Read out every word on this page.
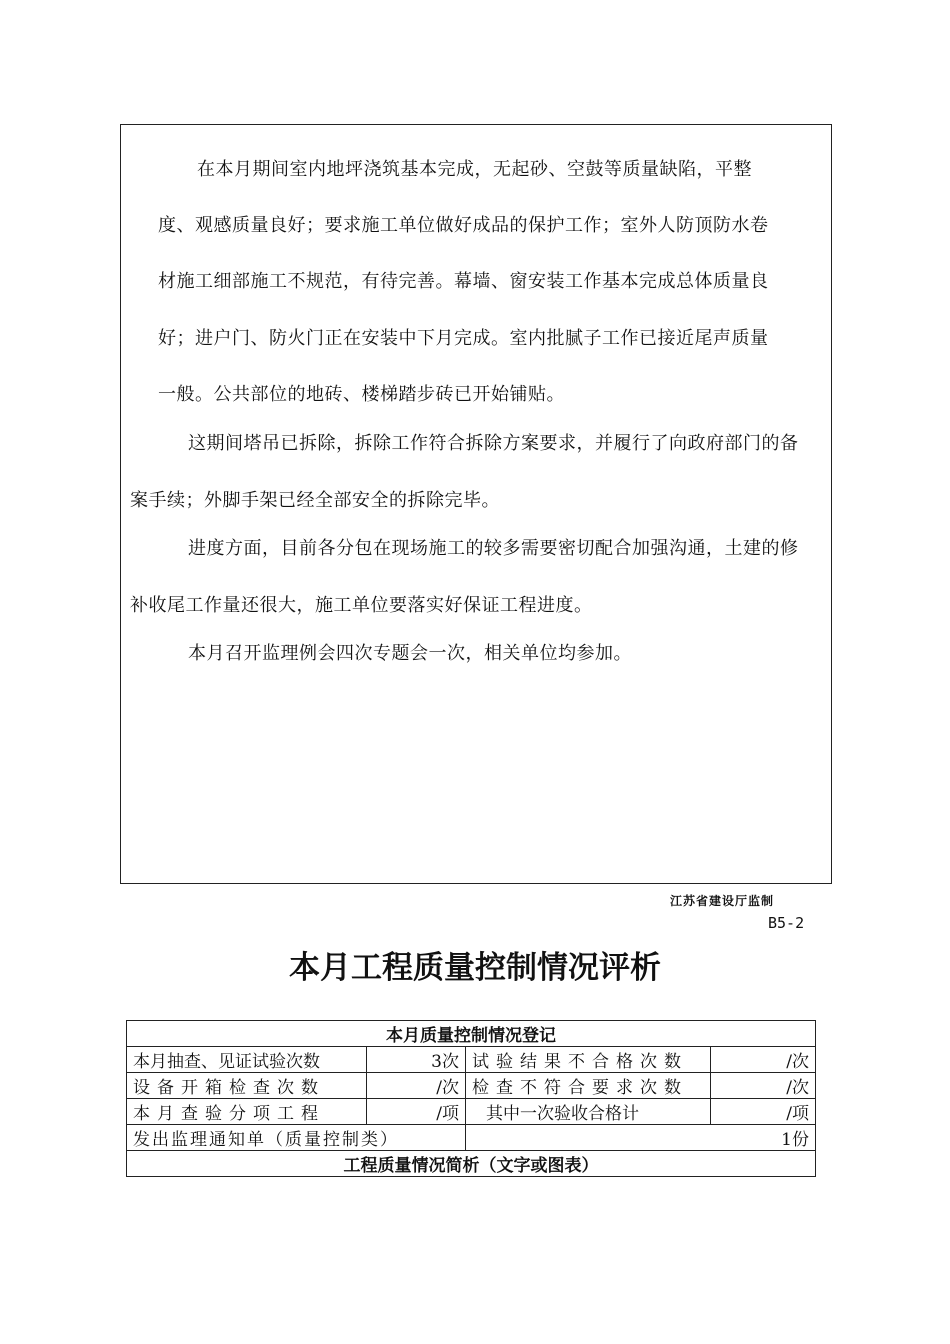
在本月期间室内地坪浇筑基本完成，无起砂、空鼓等质量缺陷，平整

度、观感质量良好；要求施工单位做好成品的保护工作；室外人防顶防水卷

材施工细部施工不规范，有待完善。幕墙、窗安装工作基本完成总体质量良

好；进户门、防火门正在安装中下月完成。室内批腻子工作已接近尾声质量

一般。公共部位的地砖、楼梯踏步砖已开始铺贴。

这期间塔吊已拆除，拆除工作符合拆除方案要求，并履行了向政府部门的备

案手续；外脚手架已经全部安全的拆除完毕。

进度方面，目前各分包在现场施工的较多需要密切配合加强沟通，土建的修

补收尾工作量还很大，施工单位要落实好保证工程进度。

本月召开监理例会四次专题会一次，相关单位均参加。

江苏省建设厅监制
B5-2
本月工程质量控制情况评析
本月质量控制情况登记			
本月抽查、见证试验次数	3次	试验结果不合格次数	/次
设备开箱检查次数	/次	检查不符合要求次数	/次
本月查验分项工程	/项	其中一次验收合格计	/项
发出监理通知单（质量控制类）		1份	
工程质量情况简析（文字或图表）			
